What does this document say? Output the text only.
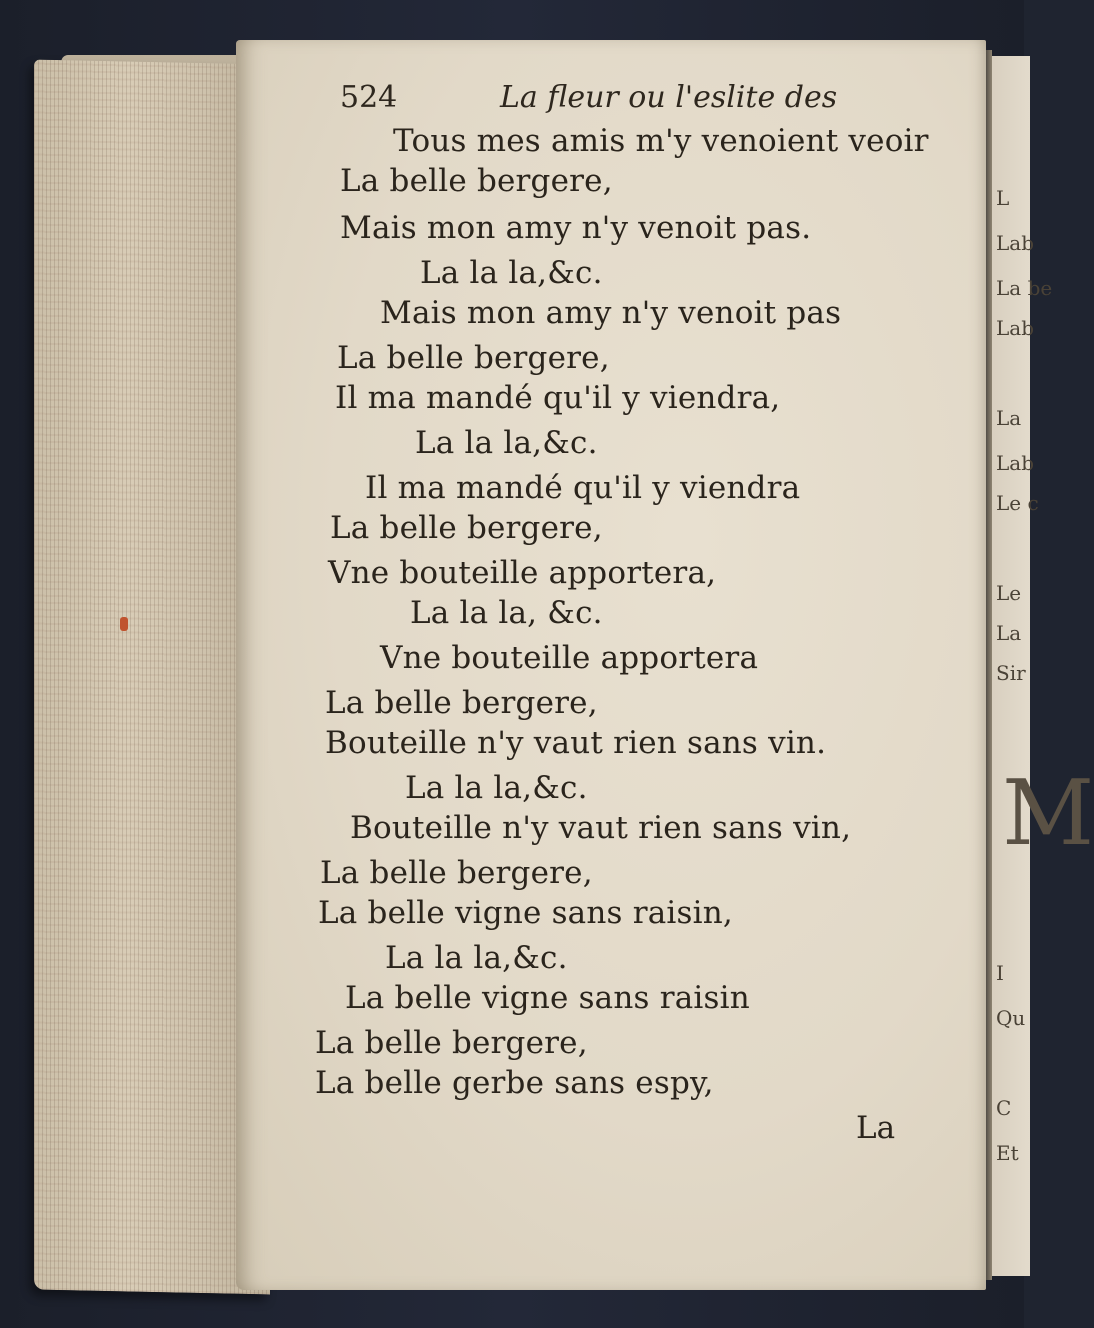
L
Lab
La be
Lab
La
Lab
Le c
Le
La
Sir
M
I
Qu
C
Et
524	La fleur ou l'eslite des
Tous mes amis m'y venoient veoir
La belle bergere,
Mais mon amy n'y venoit pas.
La la la,&c.
Mais mon amy n'y venoit pas
La belle bergere,
Il ma mandé qu'il y viendra,
La la la,&c.
Il ma mandé qu'il y viendra
La belle bergere,
Vne bouteille apportera,
La la la, &c.
Vne bouteille apportera
La belle bergere,
Bouteille n'y vaut rien sans vin.
La la la,&c.
Bouteille n'y vaut rien sans vin,
La belle bergere,
La belle vigne sans raisin,
La la la,&c.
La belle vigne sans raisin
La belle bergere,
La belle gerbe sans espy,
La
